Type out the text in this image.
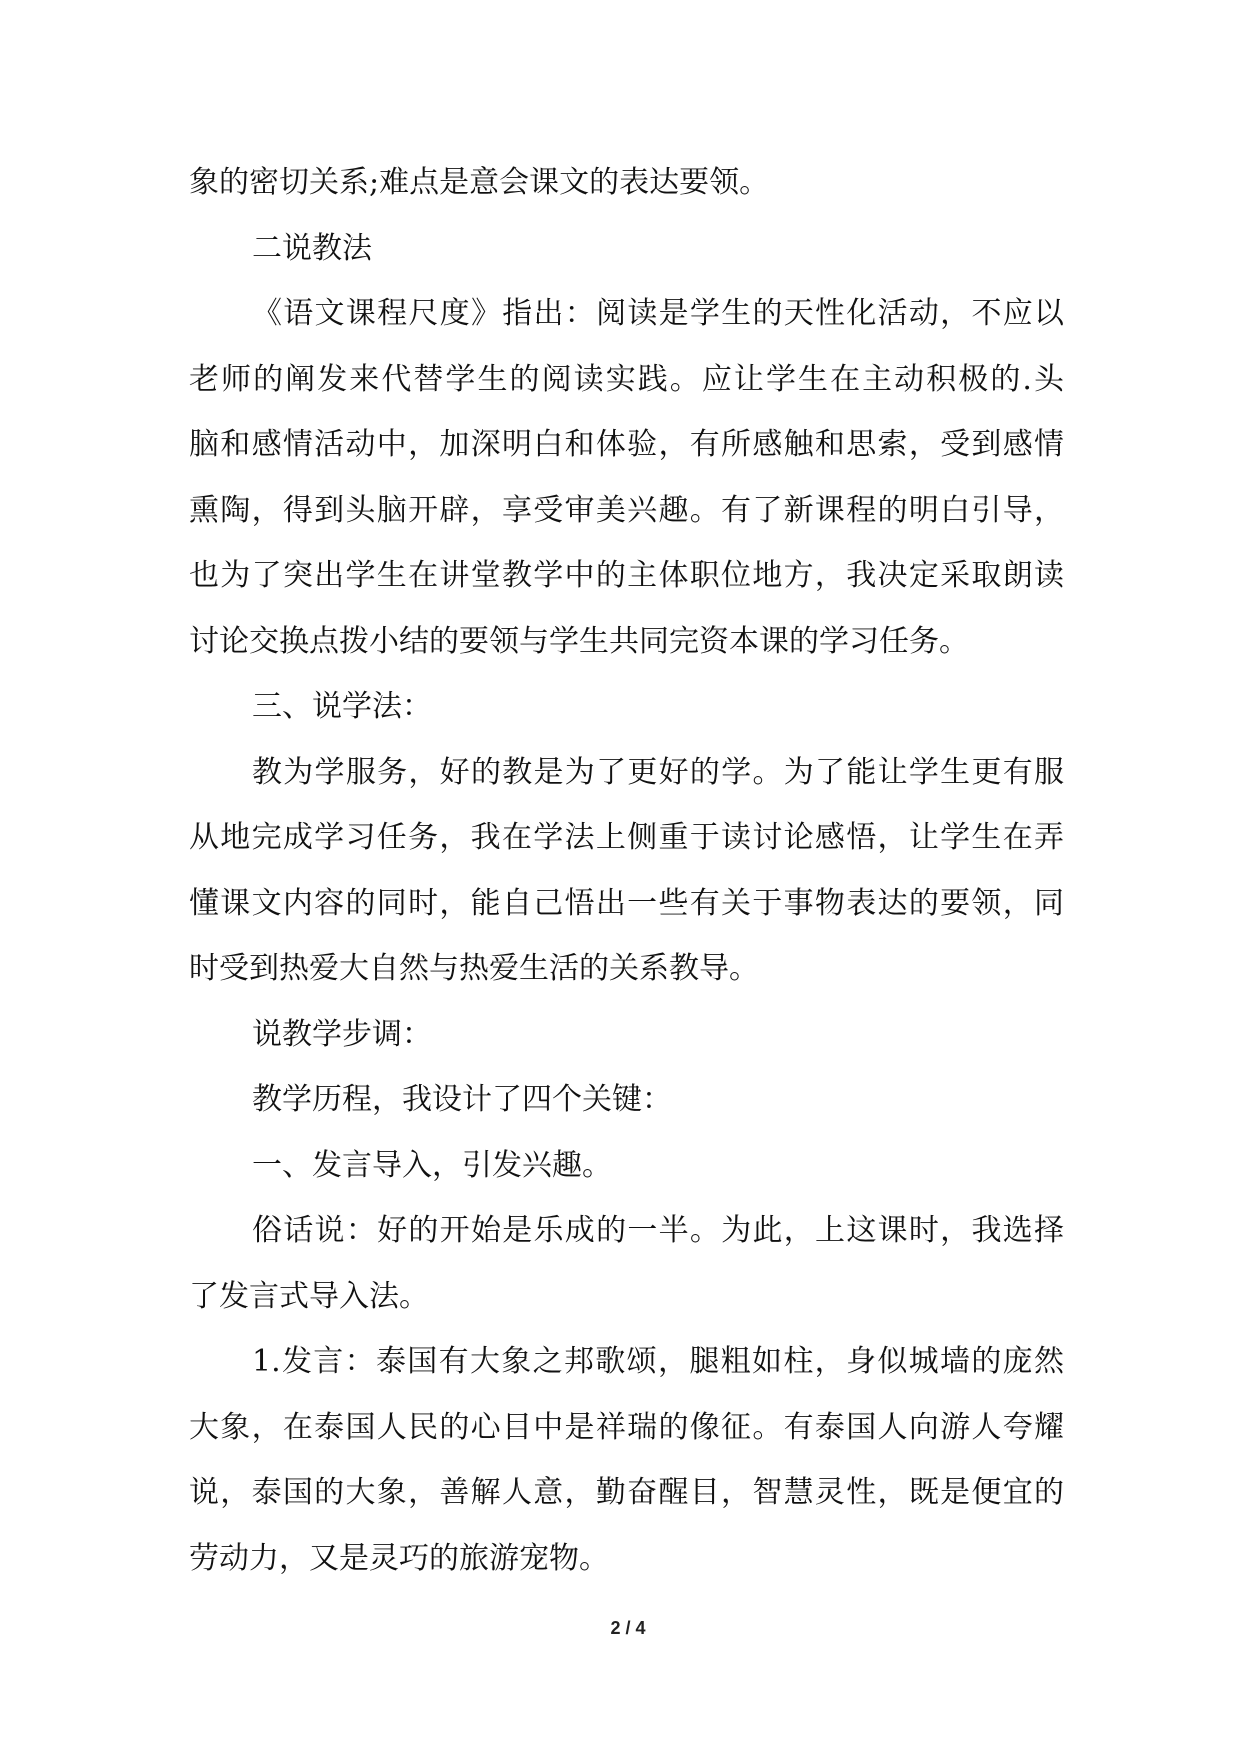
象的密切关系;难点是意会课文的表达要领。
二说教法
《语文课程尺度》指出：阅读是学生的天性化活动，不应以
老师的阐发来代替学生的阅读实践。应让学生在主动积极的.头
脑和感情活动中，加深明白和体验，有所感触和思索，受到感情
熏陶，得到头脑开辟，享受审美兴趣。有了新课程的明白引导，
也为了突出学生在讲堂教学中的主体职位地方，我决定采取朗读
讨论交换点拨小结的要领与学生共同完资本课的学习任务。
三、说学法：
教为学服务，好的教是为了更好的学。为了能让学生更有服
从地完成学习任务，我在学法上侧重于读讨论感悟，让学生在弄
懂课文内容的同时，能自己悟出一些有关于事物表达的要领，同
时受到热爱大自然与热爱生活的关系教导。
说教学步调：
教学历程，我设计了四个关键：
一、发言导入，引发兴趣。
俗话说：好的开始是乐成的一半。为此，上这课时，我选择
了发言式导入法。
1.发言：泰国有大象之邦歌颂，腿粗如柱，身似城墙的庞然
大象，在泰国人民的心目中是祥瑞的像征。有泰国人向游人夸耀
说，泰国的大象，善解人意，勤奋醒目，智慧灵性，既是便宜的
劳动力，又是灵巧的旅游宠物。
2 / 4
